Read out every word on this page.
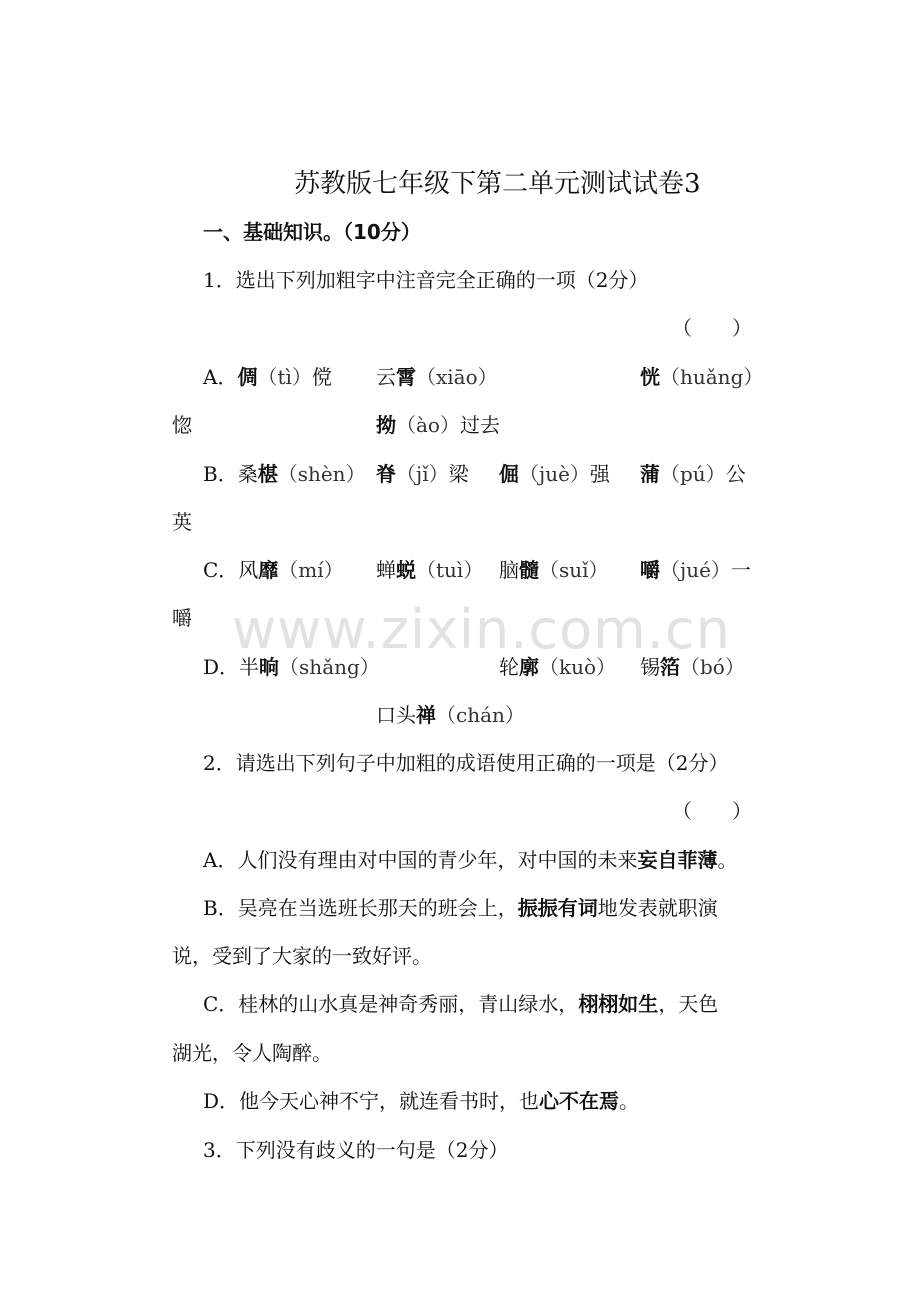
苏教版七年级下第二单元测试试卷3
一、基础知识。（10分）
1．选出下列加粗字中注音完全正确的一项（2分）
（　　）
A．倜（tì）傥 云霄（xiāo）	恍（huǎng）
惚	拗（ào）过去
B．桑椹（shèn） 脊（jǐ）梁 倔（juè）强 蒲（pú）公
英
C．风靡（mí） 蝉蜕（tuì） 脑髓（suǐ） 嚼（jué）一
嚼
D．半晌（shǎng）	轮廓（kuò） 锡箔（bó）
口头禅（chán）
2．请选出下列句子中加粗的成语使用正确的一项是（2分）
（　　）
A．人们没有理由对中国的青少年，对中国的未来妄自菲薄。
B．吴亮在当选班长那天的班会上，振振有词地发表就职演
说，受到了大家的一致好评。
C．桂林的山水真是神奇秀丽，青山绿水，栩栩如生，天色
湖光，令人陶醉。
D．他今天心神不宁，就连看书时，也心不在焉。
3．下列没有歧义的一句是（2分）
www.zixin.com.cn
